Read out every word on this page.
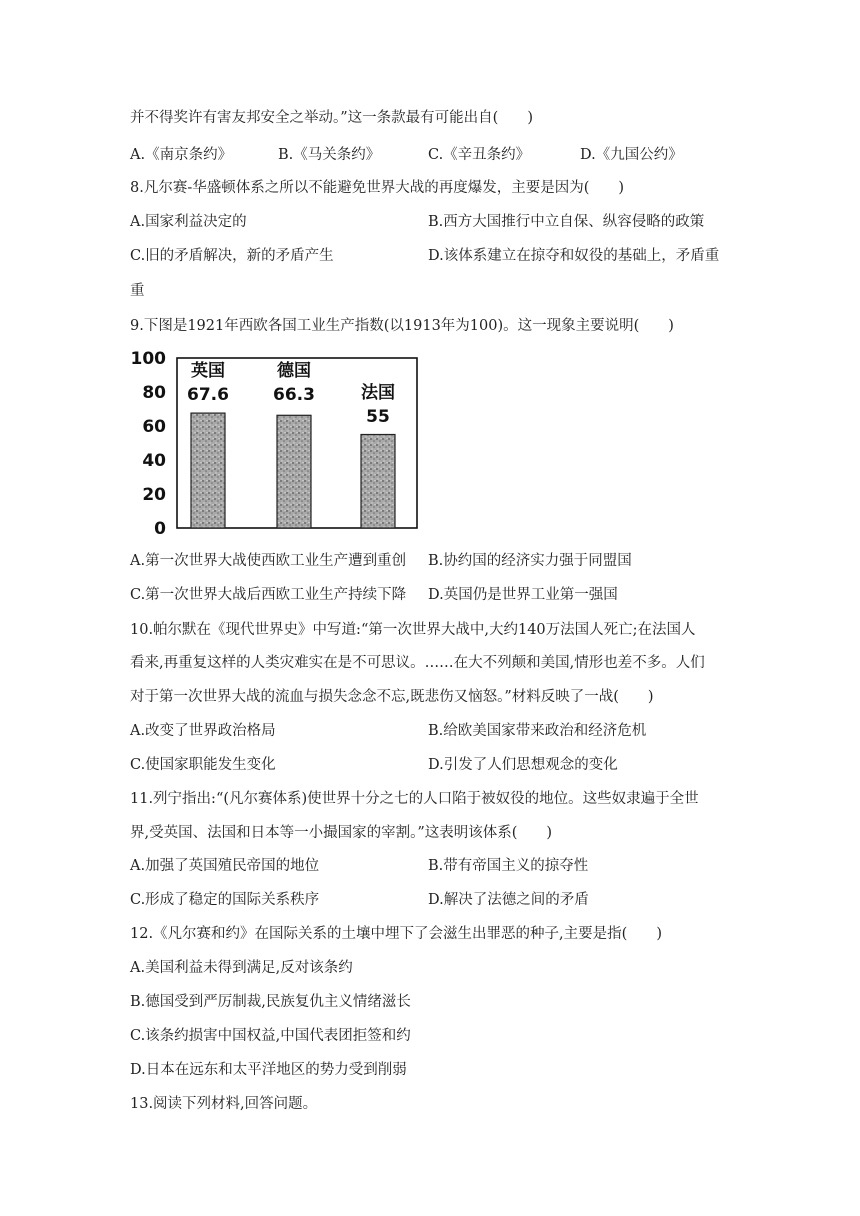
并不得奖许有害友邦安全之举动。”这一条款最有可能出自(　　)
A.《南京条约》	B.《马关条约》	C.《辛丑条约》	D.《九国公约》
8.凡尔赛-华盛顿体系之所以不能避免世界大战的再度爆发，主要是因为(　　)
A.国家利益决定的	B.西方大国推行中立自保、纵容侵略的政策
C.旧的矛盾解决，新的矛盾产生	D.该体系建立在掠夺和奴役的基础上，矛盾重
重
9.下图是1921年西欧各国工业生产指数(以1913年为100)。这一现象主要说明(　　)
0
20
40
60
80
100
英国
67.6
德国
66.3	法国
55
A.第一次世界大战使西欧工业生产遭到重创 B.协约国的经济实力强于同盟国
C.第一次世界大战后西欧工业生产持续下降 D.英国仍是世界工业第一强国
10.帕尔默在《现代世界史》中写道:“第一次世界大战中,大约140万法国人死亡;在法国人
看来,再重复这样的人类灾难实在是不可思议。……在大不列颠和美国,情形也差不多。人们
对于第一次世界大战的流血与损失念念不忘,既悲伤又恼怒。”材料反映了一战(　　)
A.改变了世界政治格局	B.给欧美国家带来政治和经济危机
C.使国家职能发生变化	D.引发了人们思想观念的变化
11.列宁指出:“(凡尔赛体系)使世界十分之七的人口陷于被奴役的地位。这些奴隶遍于全世
界,受英国、法国和日本等一小撮国家的宰割。”这表明该体系(　　)
A.加强了英国殖民帝国的地位	B.带有帝国主义的掠夺性
C.形成了稳定的国际关系秩序	D.解决了法德之间的矛盾
12.《凡尔赛和约》在国际关系的土壤中埋下了会滋生出罪恶的种子,主要是指(　　)
A.美国利益未得到满足,反对该条约
B.德国受到严厉制裁,民族复仇主义情绪滋长
C.该条约损害中国权益,中国代表团拒签和约
D.日本在远东和太平洋地区的势力受到削弱
13.阅读下列材料,回答问题。
